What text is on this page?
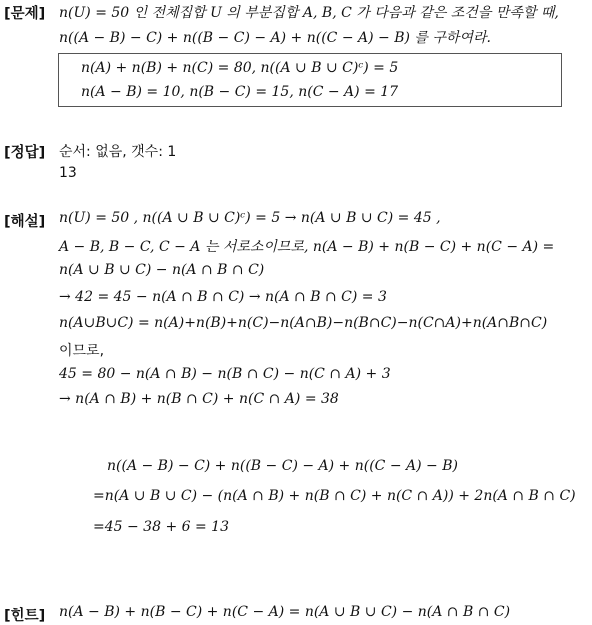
[문제] n(U) = 50 인 전체집합 U 의 부분집합 A, B, C 가 다음과 같은 조건을 만족할 때,
n((A − B) − C) + n((B − C) − A) + n((C − A) − B) 를 구하여라.
n(A) + n(B) + n(C) = 80, n((A ∪ B ∪ C)ᶜ) = 5
n(A − B) = 10, n(B − C) = 15, n(C − A) = 17
[정답] 순서: 없음, 갯수: 1
13
[해설] n(U) = 50 , n((A ∪ B ∪ C)ᶜ) = 5 → n(A ∪ B ∪ C) = 45 ,
A − B, B − C, C − A 는 서로소이므로, n(A − B) + n(B − C) + n(C − A) =
n(A ∪ B ∪ C) − n(A ∩ B ∩ C)
→ 42 = 45 − n(A ∩ B ∩ C) → n(A ∩ B ∩ C) = 3
n(A∪B∪C) = n(A)+n(B)+n(C)−n(A∩B)−n(B∩C)−n(C∩A)+n(A∩B∩C)
이므로,
45 = 80 − n(A ∩ B) − n(B ∩ C) − n(C ∩ A) + 3
→ n(A ∩ B) + n(B ∩ C) + n(C ∩ A) = 38
n((A − B) − C) + n((B − C) − A) + n((C − A) − B)
=n(A ∪ B ∪ C) − (n(A ∩ B) + n(B ∩ C) + n(C ∩ A)) + 2n(A ∩ B ∩ C)
=45 − 38 + 6 = 13
[힌트] n(A − B) + n(B − C) + n(C − A) = n(A ∪ B ∪ C) − n(A ∩ B ∩ C)
